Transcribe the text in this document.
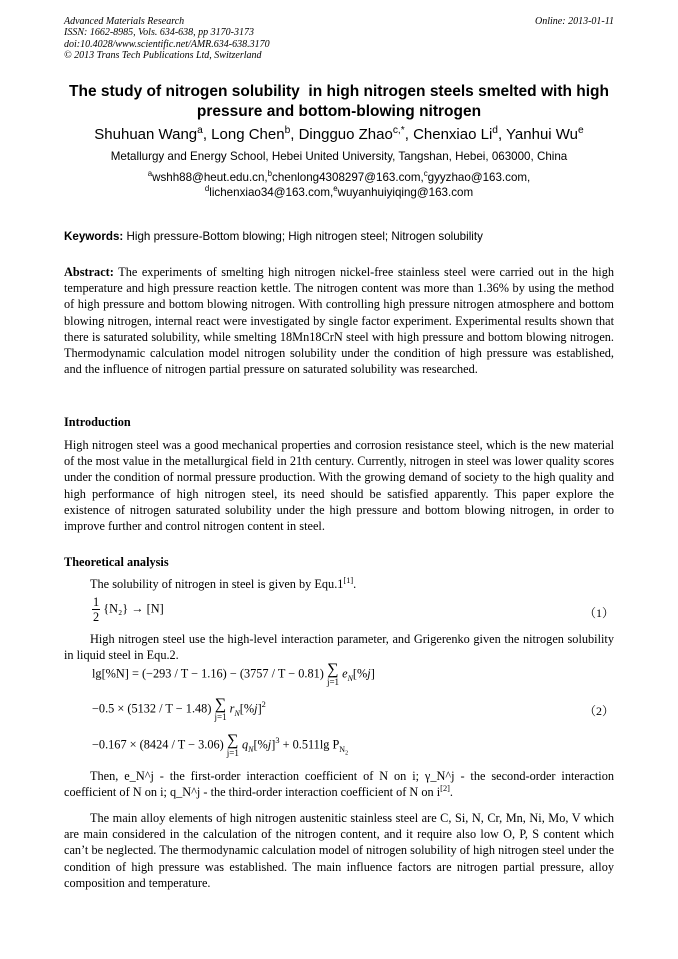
Advanced Materials Research
ISSN: 1662-8985, Vols. 634-638, pp 3170-3173
doi:10.4028/www.scientific.net/AMR.634-638.3170
© 2013 Trans Tech Publications Ltd, Switzerland
Online: 2013-01-11
The study of nitrogen solubility  in high nitrogen steels smelted with high
pressure and bottom-blowing nitrogen
Shuhuan Wang$^a$, Long Chen$^b$, Dingguo Zhao$^{c,*}$, Chenxiao Li$^d$, Yanhui Wu$^e$
Metallurgy and Energy School, Hebei United University, Tangshan, Hebei, 063000, China
$^a$wshh88@heut.edu.cn,$^b$chenlong4308297@163.com,$^c$gyyzhao@163.com,
$^d$lichenxiao34@163.com,$^e$wuyanhuiyiqing@163.com
Keywords: High pressure-Bottom blowing; High nitrogen steel; Nitrogen solubility
Abstract: The experiments of smelting high nitrogen nickel-free stainless steel were carried out in the high temperature and high pressure reaction kettle. The nitrogen content was more than 1.36% by using the method of high pressure and bottom blowing nitrogen. With controlling high pressure nitrogen atmosphere and bottom blowing nitrogen, internal react were investigated by single factor experiment. Experimental results shown that there is saturated solubility, while smelting 18Mn18CrN steel with high pressure and bottom blowing nitrogen. Thermodynamic calculation model nitrogen solubility under the condition of high pressure was established, and the influence of nitrogen partial pressure on saturated solubility was researched.
Introduction
High nitrogen steel was a good mechanical properties and corrosion resistance steel, which is the new material of the most value in the metallurgical field in 21th century. Currently, nitrogen in steel was lower quality scores under the condition of normal pressure production. With the growing demand of society to the high quality and high performance of high nitrogen steel, its need should be satisfied apparently. This paper explore the existence of nitrogen saturated solubility under the high pressure and bottom blowing nitrogen, in order to improve further and control nitrogen content in steel.
Theoretical analysis
The solubility of nitrogen in steel is given by Equ.1[1].
$\frac{1}{2} \{N_2\} \to [N]$	（1）
High nitrogen steel use the high-level interaction parameter, and Grigerenko given the nitrogen solubility in liquid steel in Equ.2.
lg[%N] = (−293 / T − 1.16) − (3757 / T − 0.81) ∑
j=1 $e_N[\%j]$
−0.5 × (5132 / T − 1.48) ∑
j=1 $r_N[\%j]^2$	（2）
−0.167 × (8424 / T − 3.06) ∑
j=1 $q_N[\%j]^3 + 0.511\lg$ $P_{N_2}$
Then, e_N^j - the first-order interaction coefficient of N on i; γ_N^j - the second-order interaction coefficient of N on i; q_N^j - the third-order interaction coefficient of N on i[2].
The main alloy elements of high nitrogen austenitic stainless steel are C, Si, N, Cr, Mn, Ni, Mo, V which are main considered in the calculation of the nitrogen content, and it require also low O, P, S content which can’t be neglected. The thermodynamic calculation model of nitrogen solubility of high nitrogen steel under the condition of high pressure was established. The main influence factors are nitrogen partial pressure, alloy composition and temperature.
